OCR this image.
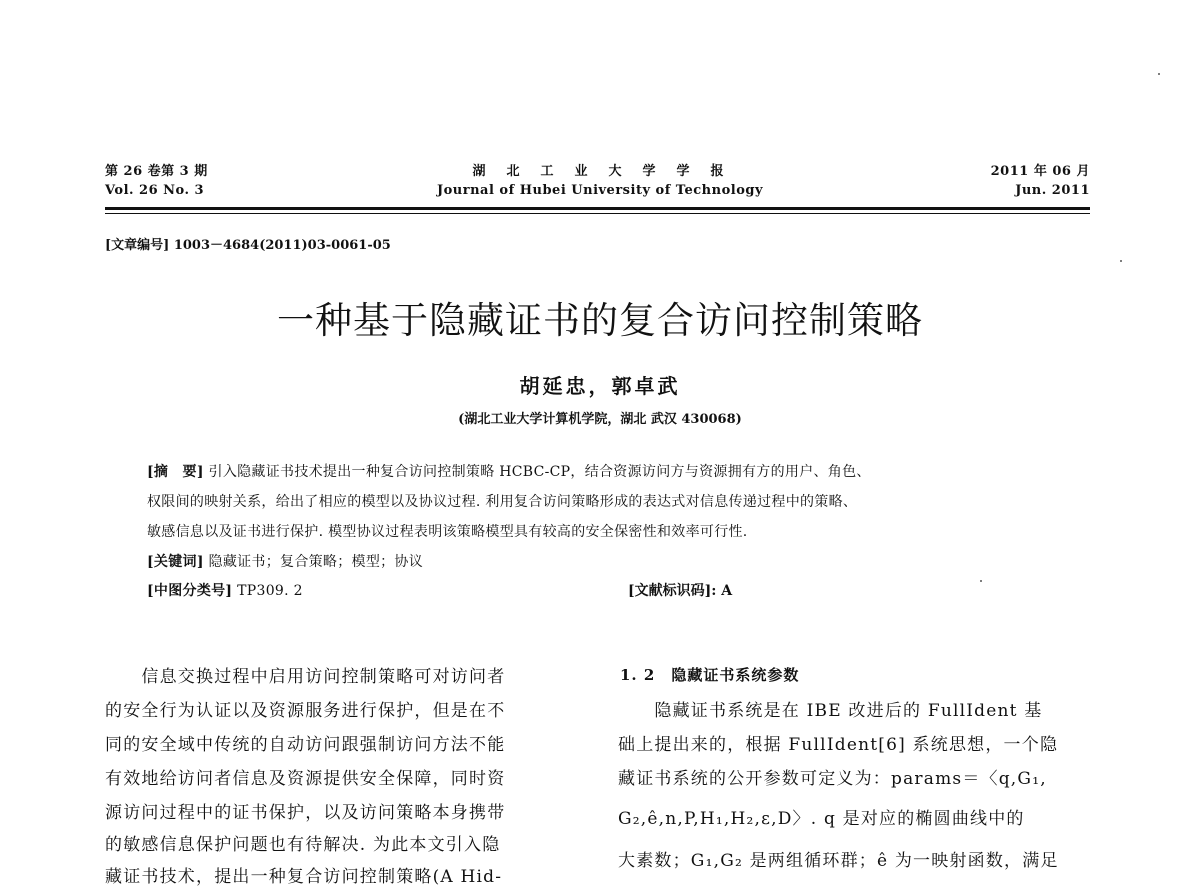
第 26 卷第 3 期
Vol. 26 No. 3
湖　北　工　业　大　学　学　报
Journal of Hubei University of Technology
2011 年 06 月
Jun. 2011
[文章编号] 1003－4684(2011)03-0061-05
一种基于隐藏证书的复合访问控制策略
胡延忠，郭卓武
(湖北工业大学计算机学院，湖北 武汉 430068)
[摘　要] 引入隐藏证书技术提出一种复合访问控制策略 HCBC-CP，结合资源访问方与资源拥有方的用户、角色、
权限间的映射关系，给出了相应的模型以及协议过程. 利用复合访问策略形成的表达式对信息传递过程中的策略、
敏感信息以及证书进行保护. 模型协议过程表明该策略模型具有较高的安全保密性和效率可行性.
[关键词] 隐藏证书；复合策略；模型；协议
[中图分类号] TP309. 2	[文献标识码]: A
　　信息交换过程中启用访问控制策略可对访问者
的安全行为认证以及资源服务进行保护，但是在不
同的安全域中传统的自动访问跟强制访问方法不能
有效地给访问者信息及资源提供安全保障，同时资
源访问过程中的证书保护，以及访问策略本身携带
的敏感信息保护问题也有待解决. 为此本文引入隐
藏证书技术，提出一种复合访问控制策略(A Hid-
1. 2　隐藏证书系统参数
　　隐藏证书系统是在 IBE 改进后的 FullIdent 基
础上提出来的，根据 FullIdent[6] 系统思想，一个隐
藏证书系统的公开参数可定义为：params＝〈q,G₁,
G₂,ê,n,P,H₁,H₂,ε,D〉. q 是对应的椭圆曲线中的
大素数；G₁,G₂ 是两组循环群；ê 为一映射函数，满足
